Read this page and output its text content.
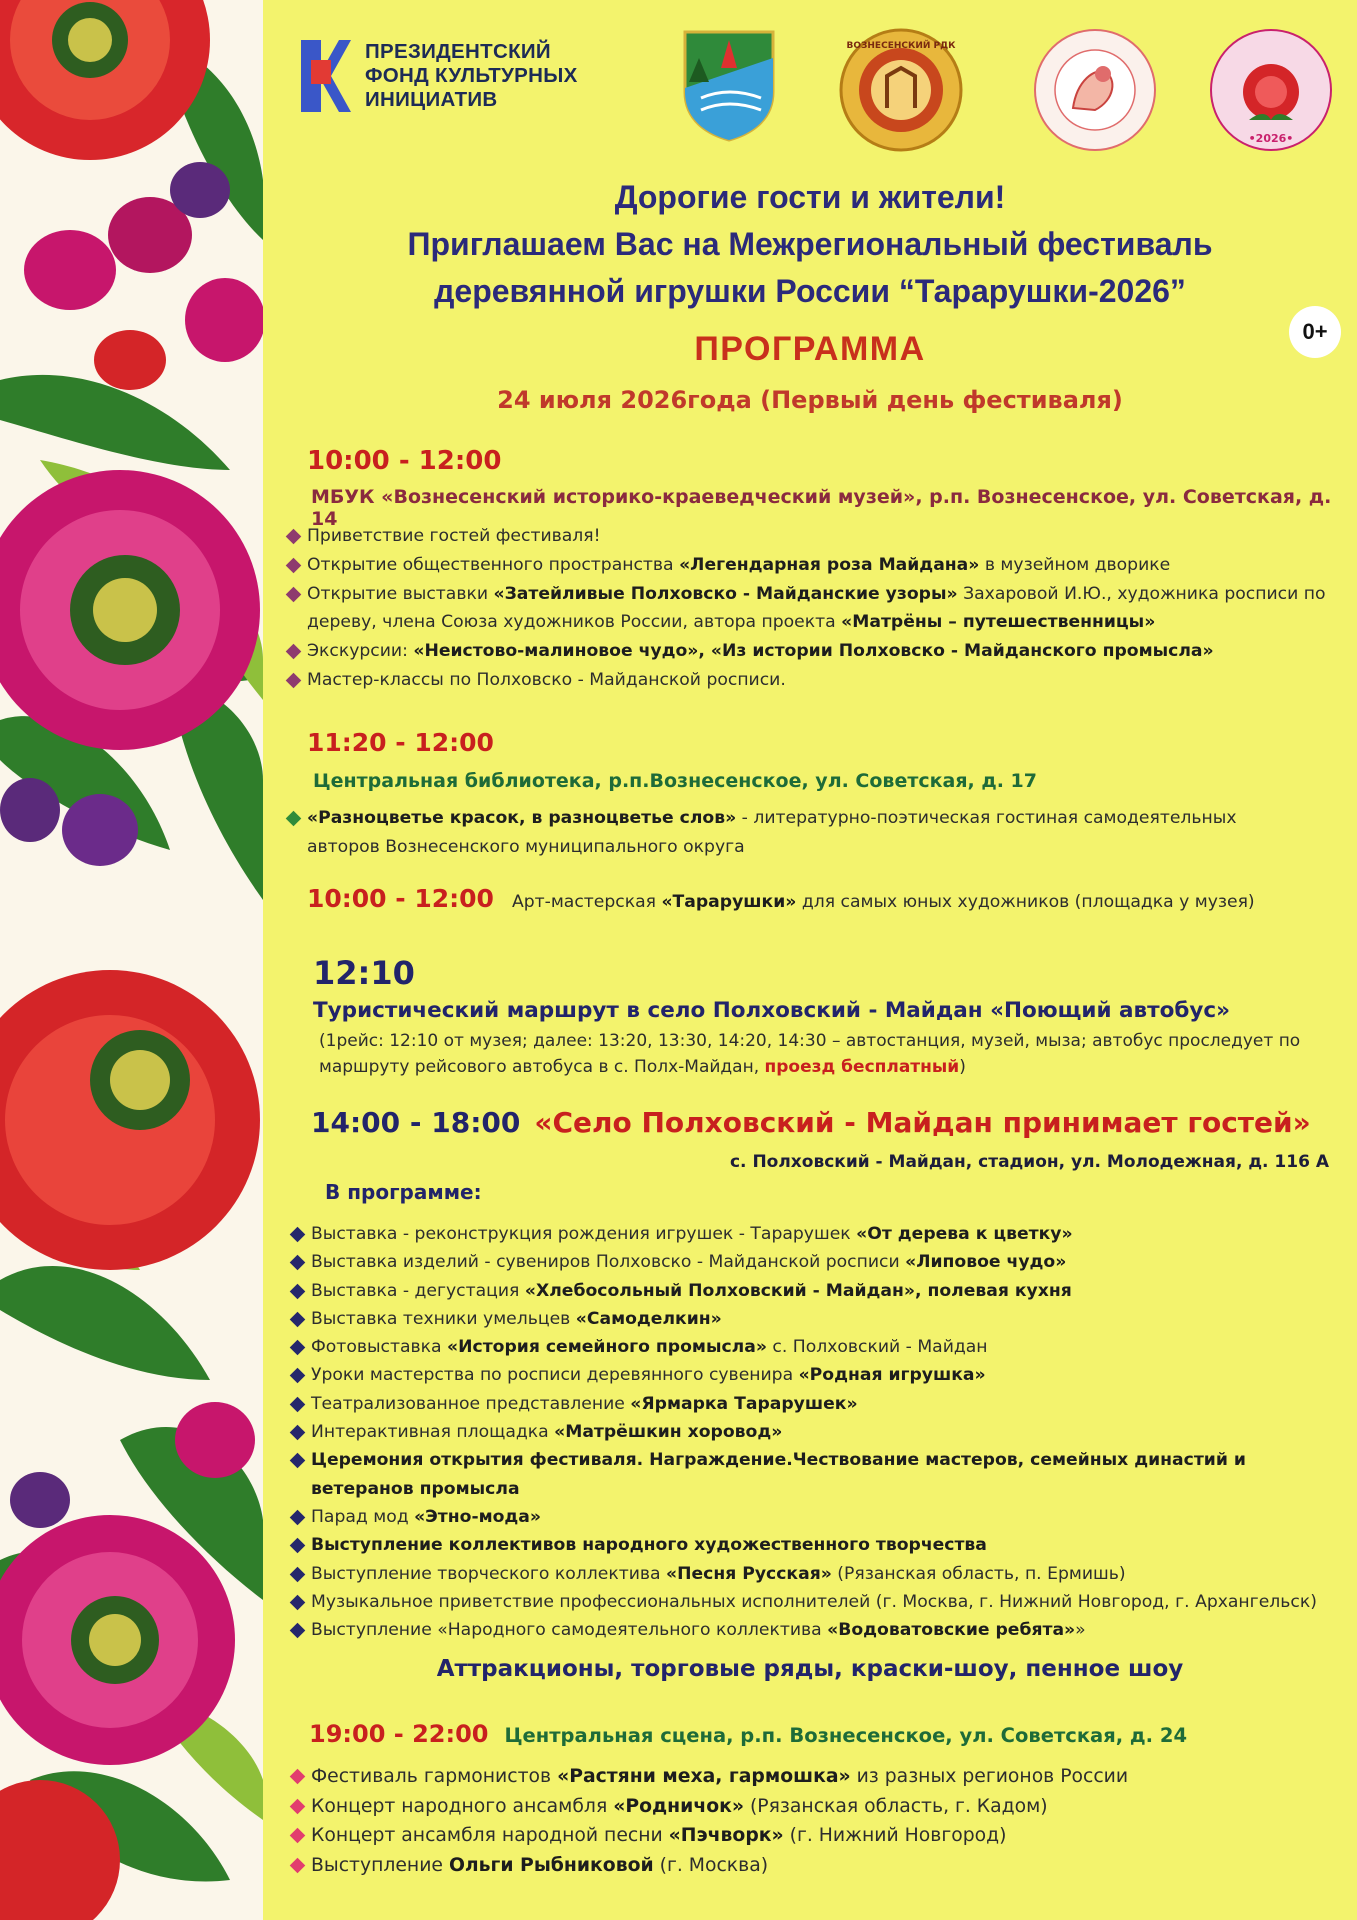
ПРЕЗИДЕНТСКИЙ
ФОНД КУЛЬТУРНЫХ
ИНИЦИАТИВ
ВОЗНЕСЕНСКИЙ РДК
•2026•
Дорогие гости и жители!
Приглашаем Вас на Межрегиональный фестиваль
деревянной игрушки России “Тарарушки-2026”
0+
ПРОГРАММА
24 июля 2026года (Первый день фестиваля)
10:00 - 12:00
МБУК «Вознесенский историко-краеведческий музей», р.п. Вознесенское, ул. Советская, д. 14
Приветствие гостей фестиваля!
Открытие общественного пространства «Легендарная роза Майдана» в музейном дворике
Открытие выставки «Затейливые Полховско - Майданские узоры» Захаровой И.Ю., художника росписи по
дереву, члена Союза художников России, автора проекта «Матрёны – путешественницы»
Экскурсии: «Неистово-малиновое чудо», «Из истории Полховско - Майданского промысла»
Мастер-классы по Полховско - Майданской росписи.
11:20 - 12:00
Центральная библиотека, р.п.Вознесенское, ул. Советская, д. 17
«Разноцветье красок, в разноцветье слов» - литературно-поэтическая гостиная самодеятельных
авторов Вознесенского муниципального округа
10:00 - 12:00 Арт-мастерская «Тарарушки» для самых юных художников (площадка у музея)
12:10
Туристический маршрут в село Полховский - Майдан «Поющий автобус»
(1рейс: 12:10 от музея; далее: 13:20, 13:30, 14:20, 14:30 – автостанция, музей, мыза; автобус проследует по
маршруту рейсового автобуса в с. Полх-Майдан, проезд бесплатный)
14:00 - 18:00 «Село Полховский - Майдан принимает гостей»
с. Полховский - Майдан, стадион, ул. Молодежная, д. 116 А
В программе:
Выставка - реконструкция рождения игрушек - Тарарушек «От дерева к цветку»
Выставка изделий - сувениров Полховско - Майданской росписи «Липовое чудо»
Выставка - дегустация «Хлебосольный Полховский - Майдан», полевая кухня
Выставка техники умельцев «Самоделкин»
Фотовыставка «История семейного промысла» с. Полховский - Майдан
Уроки мастерства по росписи деревянного сувенира «Родная игрушка»
Театрализованное представление «Ярмарка Тарарушек»
Интерактивная площадка «Матрёшкин хоровод»
Церемония открытия фестиваля. Награждение.Чествование мастеров, семейных династий и
ветеранов промысла
Парад мод «Этно-мода»
Выступление коллективов народного художественного творчества
Выступление творческого коллектива «Песня Русская» (Рязанская область, п. Ермишь)
Музыкальное приветствие профессиональных исполнителей (г. Москва, г. Нижний Новгород, г. Архангельск)
Выступление «Народного самодеятельного коллектива «Водоватовские ребята»»
Аттракционы, торговые ряды, краски-шоу, пенное шоу
19:00 - 22:00 Центральная сцена, р.п. Вознесенское, ул. Советская, д. 24
Фестиваль гармонистов «Растяни меха, гармошка» из разных регионов России
Концерт народного ансамбля «Родничок» (Рязанская область, г. Кадом)
Концерт ансамбля народной песни «Пэчворк» (г. Нижний Новгород)
Выступление Ольги Рыбниковой (г. Москва)
